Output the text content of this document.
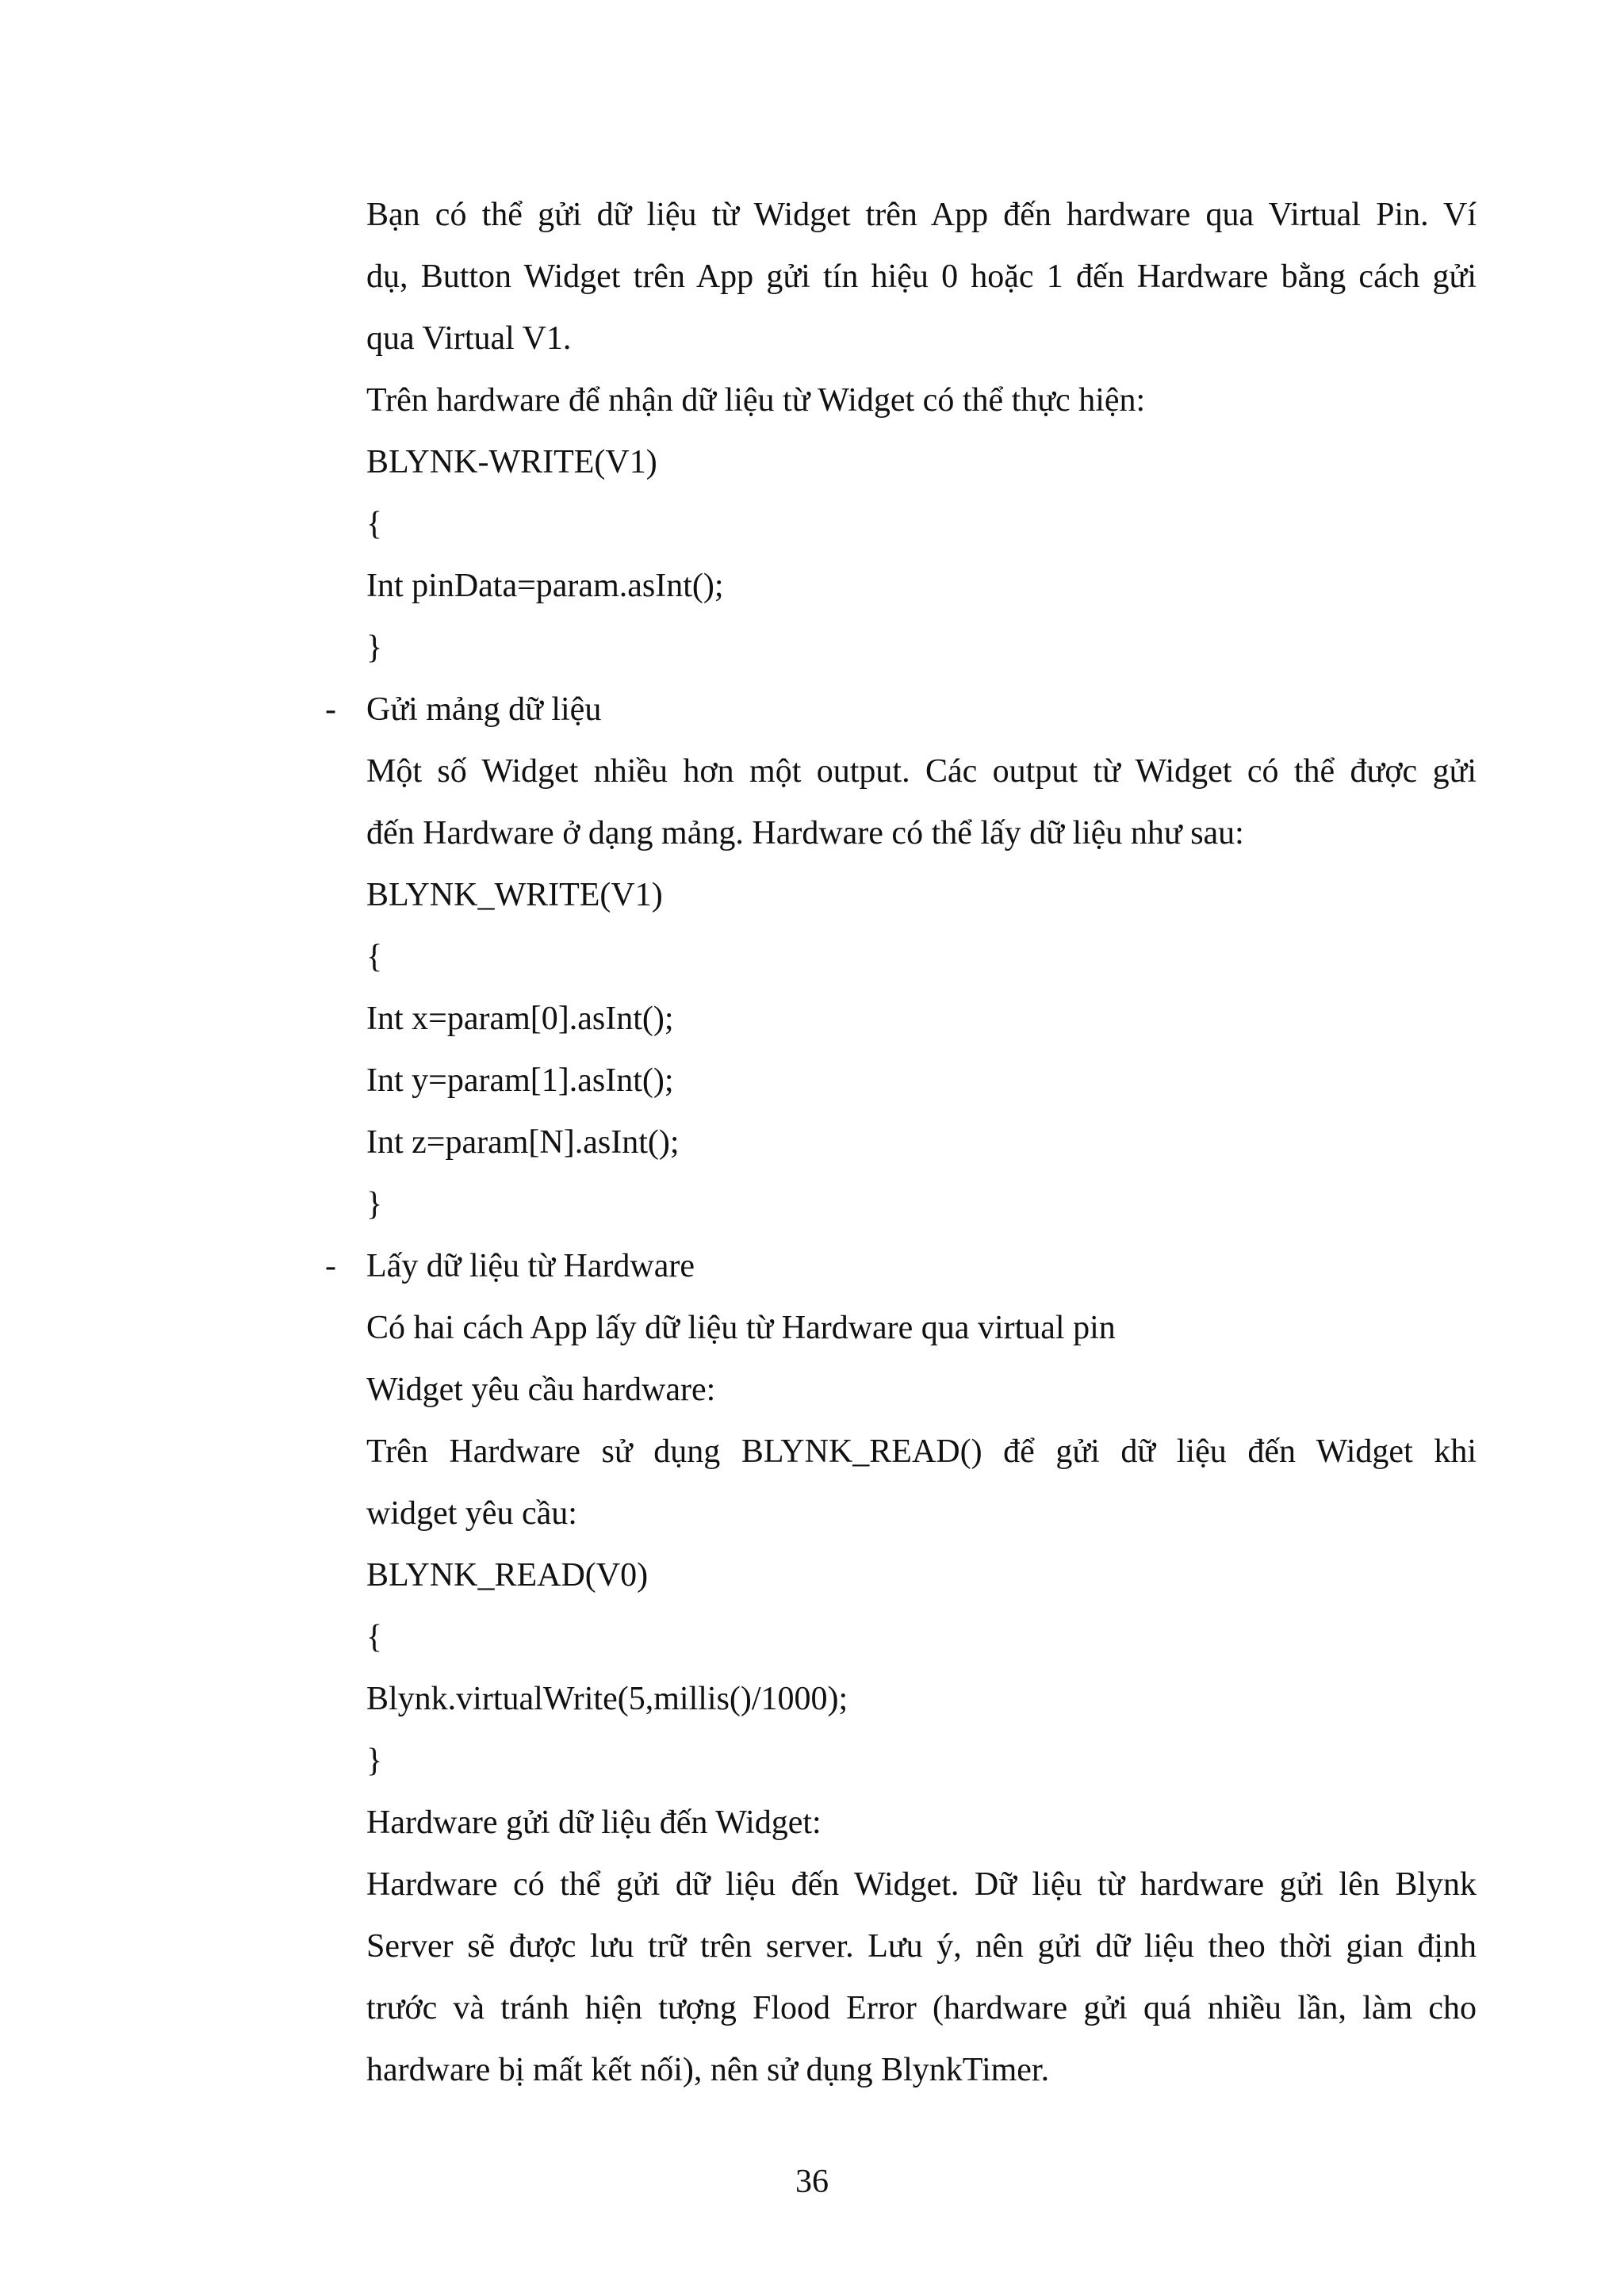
Bạn có thể gửi dữ liệu từ Widget trên App đến hardware qua Virtual Pin. Ví
dụ, Button Widget trên App gửi tín hiệu 0 hoặc 1 đến Hardware bằng cách gửi
qua Virtual V1.
Trên hardware để nhận dữ liệu từ Widget có thể thực hiện:
BLYNK-WRITE(V1)
{
Int pinData=param.asInt();
}
- Gửi mảng dữ liệu
Một số Widget nhiều hơn một output. Các output từ Widget có thể được gửi
đến Hardware ở dạng mảng. Hardware có thể lấy dữ liệu như sau:
BLYNK_WRITE(V1)
{
Int x=param[0].asInt();
Int y=param[1].asInt();
Int z=param[N].asInt();
}
- Lấy dữ liệu từ Hardware
Có hai cách App lấy dữ liệu từ Hardware qua virtual pin
Widget yêu cầu hardware:
Trên Hardware sử dụng BLYNK_READ() để gửi dữ liệu đến Widget khi
widget yêu cầu:
BLYNK_READ(V0)
{
Blynk.virtualWrite(5,millis()/1000);
}
Hardware gửi dữ liệu đến Widget:
Hardware có thể gửi dữ liệu đến Widget. Dữ liệu từ hardware gửi lên Blynk
Server sẽ được lưu trữ trên server. Lưu ý, nên gửi dữ liệu theo thời gian định
trước và tránh hiện tượng Flood Error (hardware gửi quá nhiều lần, làm cho
hardware bị mất kết nối), nên sử dụng BlynkTimer.
36
